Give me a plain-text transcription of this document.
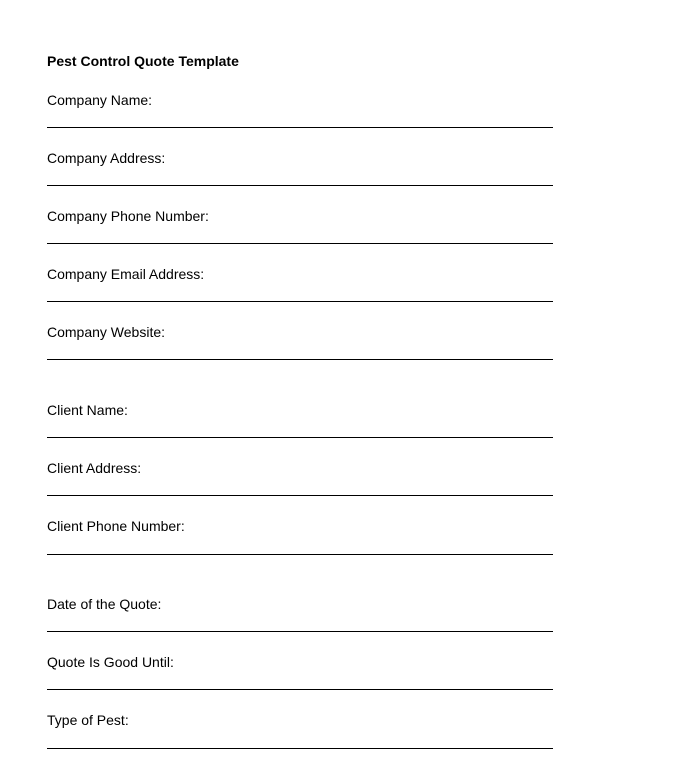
Pest Control Quote Template
Company Name:
Company Address:
Company Phone Number:
Company Email Address:
Company Website:
Client Name:
Client Address:
Client Phone Number:
Date of the Quote:
Quote Is Good Until:
Type of Pest:
